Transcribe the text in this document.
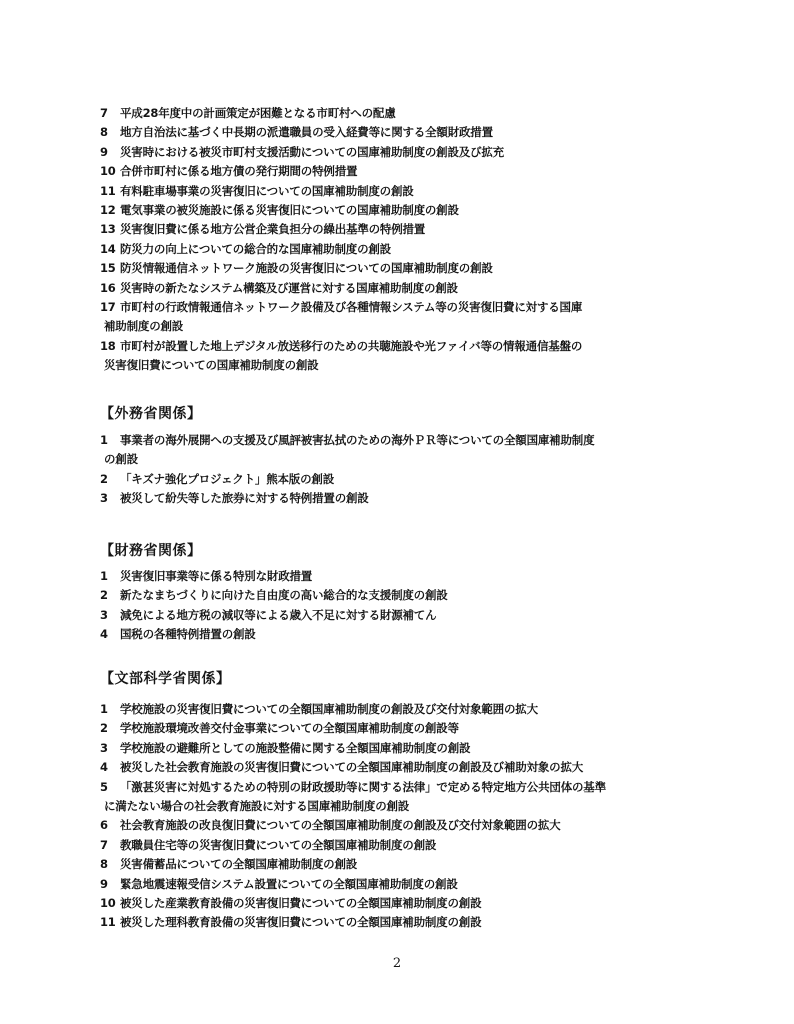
7	平成28年度中の計画策定が困難となる市町村への配慮
8	地方自治法に基づく中長期の派遣職員の受入経費等に関する全額財政措置
9	災害時における被災市町村支援活動についての国庫補助制度の創設及び拡充
10 合併市町村に係る地方債の発行期間の特例措置
11 有料駐車場事業の災害復旧についての国庫補助制度の創設
12 電気事業の被災施設に係る災害復旧についての国庫補助制度の創設
13 災害復旧費に係る地方公営企業負担分の繰出基準の特例措置
14 防災力の向上についての総合的な国庫補助制度の創設
15 防災情報通信ネットワーク施設の災害復旧についての国庫補助制度の創設
16 災害時の新たなシステム構築及び運営に対する国庫補助制度の創設
17 市町村の行政情報通信ネットワーク設備及び各種情報システム等の災害復旧費に対する国庫
補助制度の創設
18 市町村が設置した地上デジタル放送移行のための共聴施設や光ファイバ等の情報通信基盤の
災害復旧費についての国庫補助制度の創設
【外務省関係】
1	事業者の海外展開への支援及び風評被害払拭のための海外ＰＲ等についての全額国庫補助制度
の創設
2	「キズナ強化プロジェクト」熊本版の創設
3	被災して紛失等した旅券に対する特例措置の創設
【財務省関係】
1	災害復旧事業等に係る特別な財政措置
2	新たなまちづくりに向けた自由度の高い総合的な支援制度の創設
3	減免による地方税の減収等による歳入不足に対する財源補てん
4	国税の各種特例措置の創設
【文部科学省関係】
1	学校施設の災害復旧費についての全額国庫補助制度の創設及び交付対象範囲の拡大
2	学校施設環境改善交付金事業についての全額国庫補助制度の創設等
3	学校施設の避難所としての施設整備に関する全額国庫補助制度の創設
4	被災した社会教育施設の災害復旧費についての全額国庫補助制度の創設及び補助対象の拡大
5	「激甚災害に対処するための特別の財政援助等に関する法律」で定める特定地方公共団体の基準
に満たない場合の社会教育施設に対する国庫補助制度の創設
6	社会教育施設の改良復旧費についての全額国庫補助制度の創設及び交付対象範囲の拡大
7	教職員住宅等の災害復旧費についての全額国庫補助制度の創設
8	災害備蓄品についての全額国庫補助制度の創設
9	緊急地震速報受信システム設置についての全額国庫補助制度の創設
10 被災した産業教育設備の災害復旧費についての全額国庫補助制度の創設
11 被災した理科教育設備の災害復旧費についての全額国庫補助制度の創設
2
